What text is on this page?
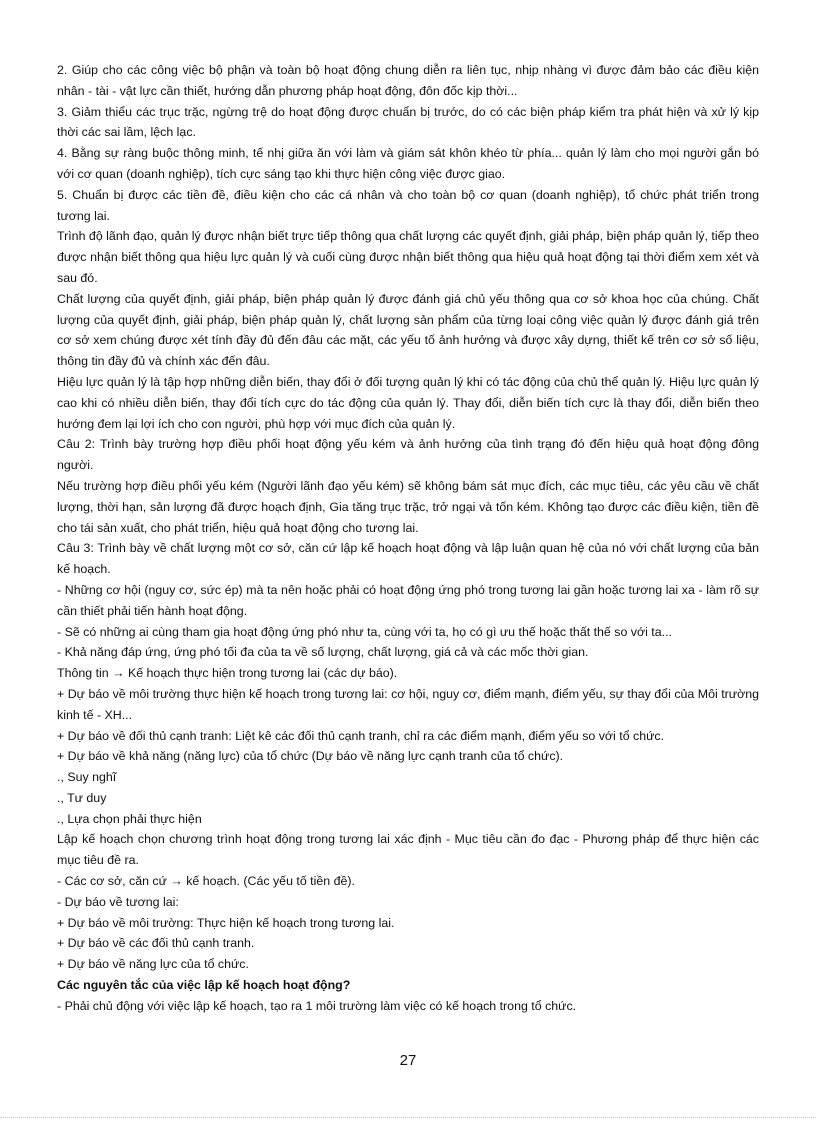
2. Giúp cho các công việc bộ phận và toàn bộ hoạt động chung diễn ra liên tục, nhịp nhàng vì được đảm bảo các điều kiện nhân - tài - vật lực cần thiết, hướng dẫn phương pháp hoạt động, đôn đốc kịp thời...

3. Giảm thiểu các trục trặc, ngừng trệ do hoạt động được chuẩn bị trước, do có các biện pháp kiểm tra phát hiện và xử lý kịp thời các sai lầm, lệch lạc.

4. Bằng sự ràng buộc thông minh, tế nhị giữa ăn với làm và giám sát khôn khéo từ phía... quản lý làm cho mọi người gắn bó với cơ quan (doanh nghiệp), tích cực sáng tạo khi thực hiện công việc được giao.

5. Chuẩn bị được các tiền đề, điều kiện cho các cá nhân và cho toàn bộ cơ quan (doanh nghiệp), tổ chức phát triển trong tương lai.

Trình độ lãnh đạo, quản lý được nhận biết trực tiếp thông qua chất lượng các quyết định, giải pháp, biện pháp quản lý, tiếp theo được nhận biết thông qua hiệu lực quản lý và cuối cùng được nhận biết thông qua hiệu quả hoạt động tại thời điểm xem xét và sau đó.

Chất lượng của quyết định, giải pháp, biện pháp quản lý được đánh giá chủ yếu thông qua cơ sở khoa học của chúng. Chất lượng của quyết định, giải pháp, biện pháp quản lý, chất lượng sản phẩm của từng loại công việc quản lý được đánh giá trên cơ sở xem chúng được xét tính đầy đủ đến đâu các mặt, các yếu tố ảnh hưởng và được xây dựng, thiết kế trên cơ sở số liệu, thông tin đầy đủ và chính xác đến đâu.

Hiệu lực quản lý là tập hợp những diễn biến, thay đổi ở đối tượng quản lý khi có tác động của chủ thể quản lý. Hiệu lực quản lý cao khi có nhiều diễn biến, thay đổi tích cực do tác động của quản lý. Thay đổi, diễn biến tích cực là thay đổi, diễn biến theo hướng đem lại lợi ích cho con người, phù hợp với mục đích của quản lý.

Câu 2: Trình bày trường hợp điều phối hoạt động yếu kém và ảnh hưởng của tình trạng đó đến hiệu quả hoạt động đông người.

Nếu trường hợp điều phối yếu kém (Người lãnh đạo yếu kém) sẽ không bám sát mục đích, các mục tiêu, các yêu cầu về chất lượng, thời hạn, sản lượng đã được hoạch định, Gia tăng trục trặc, trở ngại và tốn kém. Không tạo được các điều kiện, tiền đề cho tái sản xuất, cho phát triển, hiệu quả hoạt động cho tương lai.

Câu 3: Trình bày về chất lượng một cơ sở, căn cứ lập kế hoạch hoạt động và lập luận quan hệ của nó với chất lượng của bản kế hoạch.

- Những cơ hội (nguy cơ, sức ép) mà ta nên hoặc phải có hoạt động ứng phó trong tương lai gần hoặc tương lai xa - làm rõ sự cần thiết phải tiến hành hoạt động.

- Sẽ có những ai cùng tham gia hoạt động ứng phó như ta, cùng với ta, họ có gì ưu thế hoặc thất thế so với ta...

- Khả năng đáp ứng, ứng phó tối đa của ta về số lượng, chất lượng, giá cả và các mốc thời gian.

Thông tin → Kế hoạch thực hiện trong tương lai (các dự báo).

+ Dự báo về môi trường thực hiện kế hoạch trong tương lai: cơ hội, nguy cơ, điểm mạnh, điểm yếu, sự thay đổi của Môi trường kinh tế - XH...

+ Dự báo về đối thủ cạnh tranh: Liệt kê các đối thủ cạnh tranh, chỉ ra các điểm mạnh, điểm yếu so với tổ chức.

+ Dự báo về khả năng (năng lực) của tổ chức (Dự báo về năng lực cạnh tranh của tổ chức).

., Suy nghĩ

., Tư duy

., Lựa chọn phải thực hiện

Lập kế hoạch chọn chương trình hoạt động trong tương lai xác định - Mục tiêu cần đo đạc - Phương pháp để thực hiện các mục tiêu đề ra.

- Các cơ sở, căn cứ → kế hoạch. (Các yếu tố tiền đề).

- Dự báo về tương lai:

+ Dự báo về môi trường: Thực hiện kế hoạch trong tương lai.

+ Dự báo về các đối thủ cạnh tranh.

+ Dự báo về năng lực của tổ chức.

Các nguyên tắc của việc lập kế hoạch hoạt động?

- Phải chủ động với việc lập kế hoạch, tạo ra 1 môi trường làm việc có kế hoạch trong tổ chức.

27
